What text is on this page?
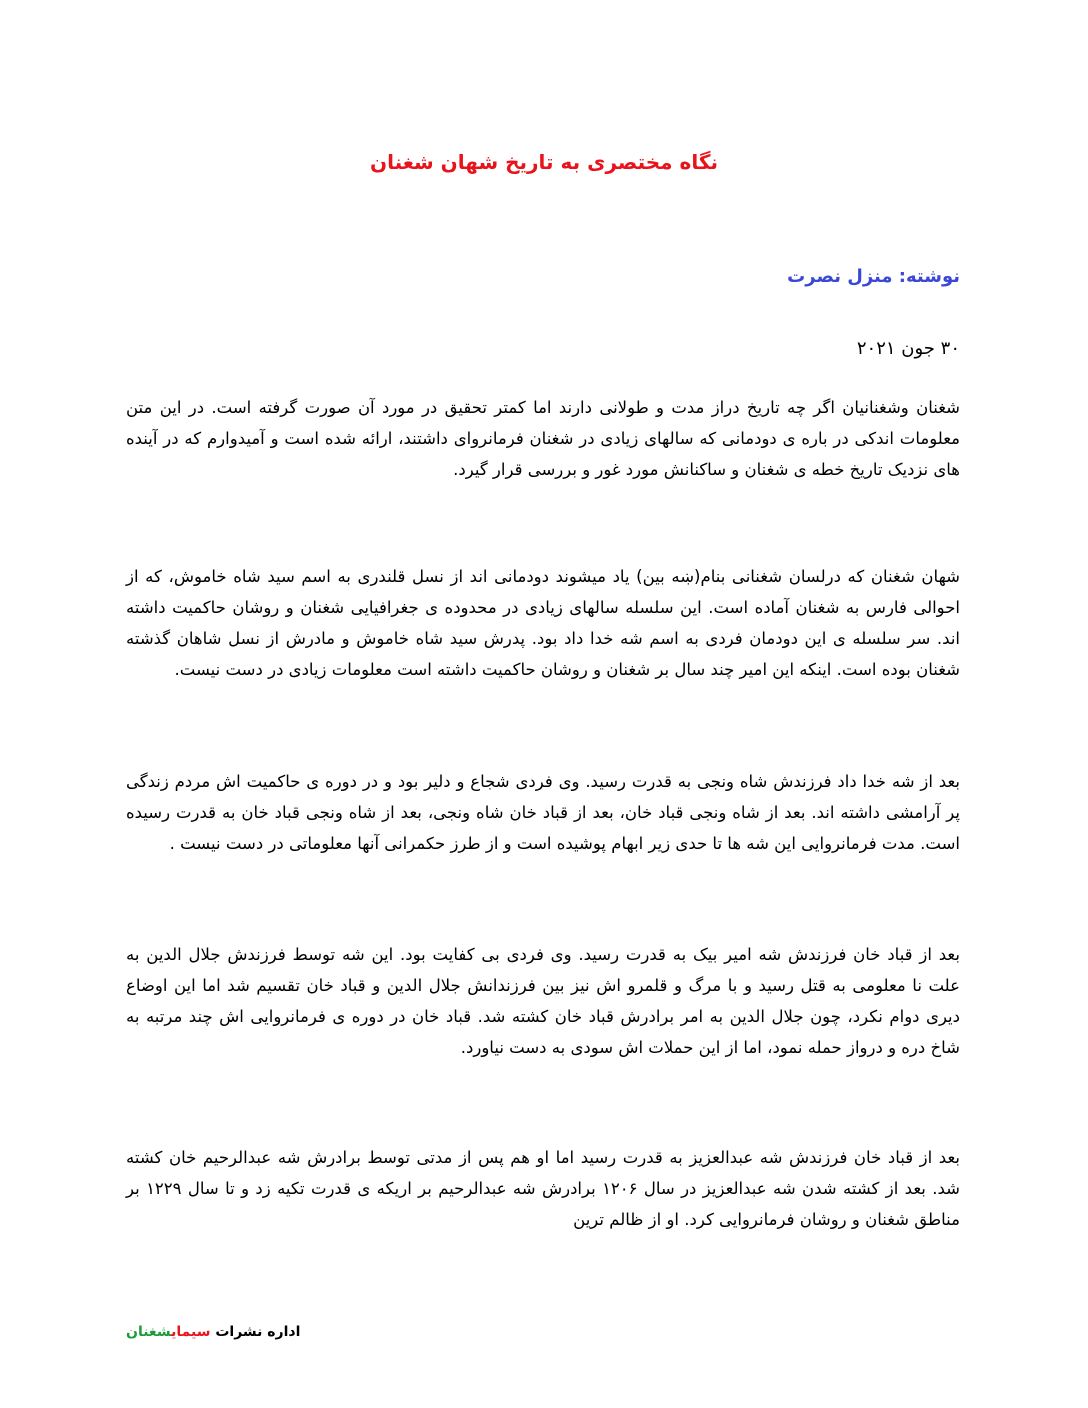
نگاه مختصری به تاریخ شهان شغنان

نوشته: منزل نصرت

۳۰ جون ۲۰۲۱

شغنان وشغنانیان اگر چه تاریخ دراز مدت و طولانی دارند اما کمتر تحقیق در مورد آن صورت گرفته است. در این متن معلومات اندکی در باره ی دودمانی که سالهای زیادی در شغنان فرمانروای داشتند، ارائه شده است و آمیدوارم که در آینده های نزدیک تاریخ خطه ی شغنان و ساکنانش مورد غور و بررسی قرار گیرد.

شهان شغنان که درلسان شغنانی بنام(ښه بین) یاد میشوند دودمانی اند از نسل قلندری به اسم سید شاه خاموش، که از احوالی فارس به شغنان آماده است. این سلسله سالهای زیادی در محدوده ی جغرافیایی شغنان و روشان حاکمیت داشته اند. سر سلسله ی این دودمان فردی به اسم شه خدا داد بود. پدرش سید شاه خاموش و مادرش از نسل شاهان گذشته شغنان بوده است. اینکه این امیر چند سال بر شغنان و روشان حاکمیت داشته است معلومات زیادی در دست نیست.

بعد از شه خدا داد فرزندش شاه ونجی به قدرت رسید. وی فردی شجاع و دلیر بود و در دوره ی حاکمیت اش مردم زندگی پر آرامشی داشته اند. بعد از شاه ونجی قباد خان، بعد از قباد خان شاه ونجی، بعد از شاه ونجی قباد خان به قدرت رسیده است. مدت فرمانروایی این شه ها تا حدی زیر ابهام پوشیده است و از طرز حکمرانی آنها معلوماتی در دست نیست .

بعد از قباد خان فرزندش شه امیر بیک به قدرت رسید. وی فردی بی کفایت بود. این شه توسط فرزندش جلال الدین به علت نا معلومی به قتل رسید و با مرگ و قلمرو اش نیز بین فرزندانش جلال الدین و قباد خان تقسیم شد اما این اوضاع دیری دوام نکرد، چون جلال الدین به امر برادرش قباد خان کشته شد. قباد خان در دوره ی فرمانروایی اش چند مرتبه به شاخ دره و درواز حمله نمود، اما از این حملات اش سودی به دست نیاورد.

بعد از قباد خان فرزندش شه عبدالعزیز به قدرت رسید اما او هم پس از مدتی توسط برادرش شه عبدالرحیم خان کشته شد. بعد از کشته شدن شه عبدالعزیز در سال ۱۲۰۶ برادرش شه عبدالرحیم بر اریکه ی قدرت تکیه زد و تا سال ۱۲۲۹ بر مناطق شغنان و روشان فرمانروایی کرد. او از ظالم ترین

اداره نشرات سیمایشغنان
